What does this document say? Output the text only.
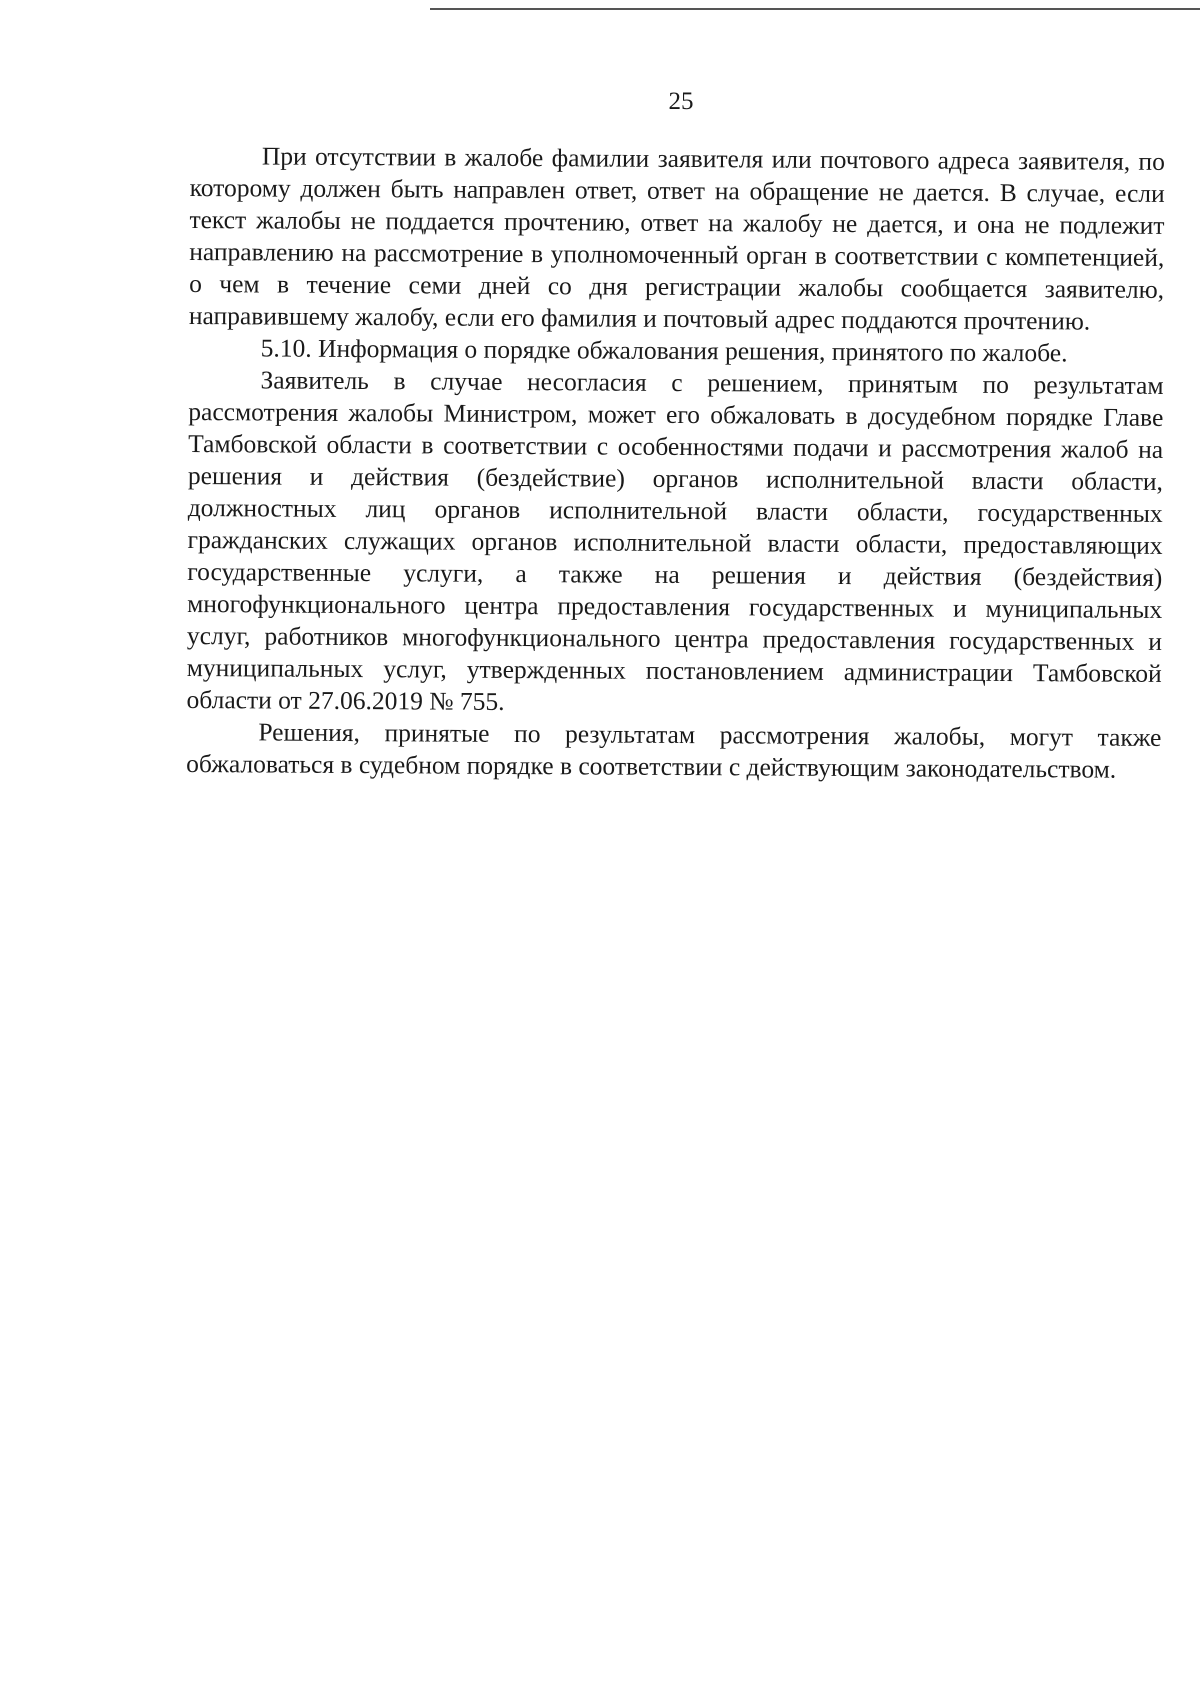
25

При отсутствии в жалобе фамилии заявителя или почтового адреса заявителя, по которому должен быть направлен ответ, ответ на обращение не дается. В случае, если текст жалобы не поддается прочтению, ответ на жалобу не дается, и она не подлежит направлению на рассмотрение в уполномоченный орган в соответствии с компетенцией, о чем в течение семи дней со дня регистрации жалобы сообщается заявителю, направившему жалобу, если его фамилия и почтовый адрес поддаются прочтению.

5.10. Информация о порядке обжалования решения, принятого по жалобе.

Заявитель в случае несогласия с решением, принятым по результатам рассмотрения жалобы Министром, может его обжаловать в досудебном порядке Главе Тамбовской области в соответствии с особенностями подачи и рассмотрения жалоб на решения и действия (бездействие) органов исполнительной власти области, должностных лиц органов исполнительной власти области, государственных гражданских служащих органов исполнительной власти области, предоставляющих государственные услуги, а также на решения и действия (бездействия) многофункционального центра предоставления государственных и муниципальных услуг, работников многофункционального центра предоставления государственных и муниципальных услуг, утвержденных постановлением администрации Тамбовской области от 27.06.2019 № 755.

Решения, принятые по результатам рассмотрения жалобы, могут также обжаловаться в судебном порядке в соответствии с действующим законодательством.
